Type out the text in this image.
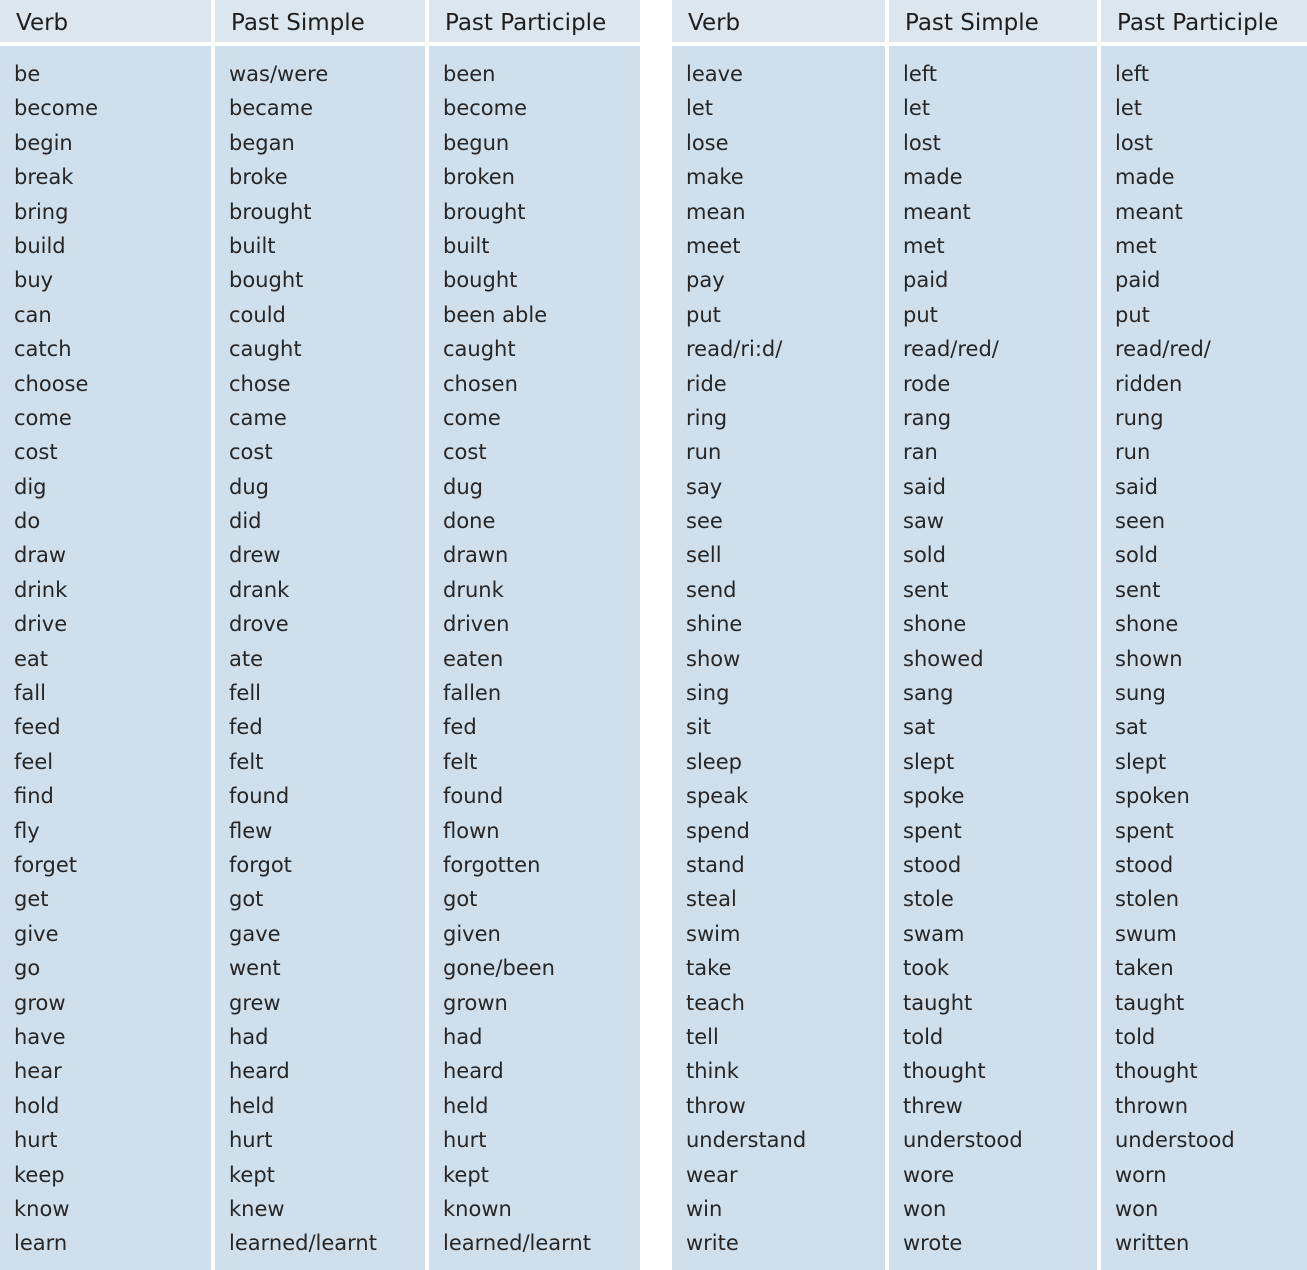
Verb
be
become
begin
break
bring
build
buy
can
catch
choose
come
cost
dig
do
draw
drink
drive
eat
fall
feed
feel
find
fly
forget
get
give
go
grow
have
hear
hold
hurt
keep
know
learn
Past Simple
was/were
became
began
broke
brought
built
bought
could
caught
chose
came
cost
dug
did
drew
drank
drove
ate
fell
fed
felt
found
flew
forgot
got
gave
went
grew
had
heard
held
hurt
kept
knew
learned/learnt
Past Participle
been
become
begun
broken
brought
built
bought
been able
caught
chosen
come
cost
dug
done
drawn
drunk
driven
eaten
fallen
fed
felt
found
flown
forgotten
got
given
gone/been
grown
had
heard
held
hurt
kept
known
learned/learnt
Verb
leave
let
lose
make
mean
meet
pay
put
read/ri:d/
ride
ring
run
say
see
sell
send
shine
show
sing
sit
sleep
speak
spend
stand
steal
swim
take
teach
tell
think
throw
understand
wear
win
write
Past Simple
left
let
lost
made
meant
met
paid
put
read/red/
rode
rang
ran
said
saw
sold
sent
shone
showed
sang
sat
slept
spoke
spent
stood
stole
swam
took
taught
told
thought
threw
understood
wore
won
wrote
Past Participle
left
let
lost
made
meant
met
paid
put
read/red/
ridden
rung
run
said
seen
sold
sent
shone
shown
sung
sat
slept
spoken
spent
stood
stolen
swum
taken
taught
told
thought
thrown
understood
worn
won
written
